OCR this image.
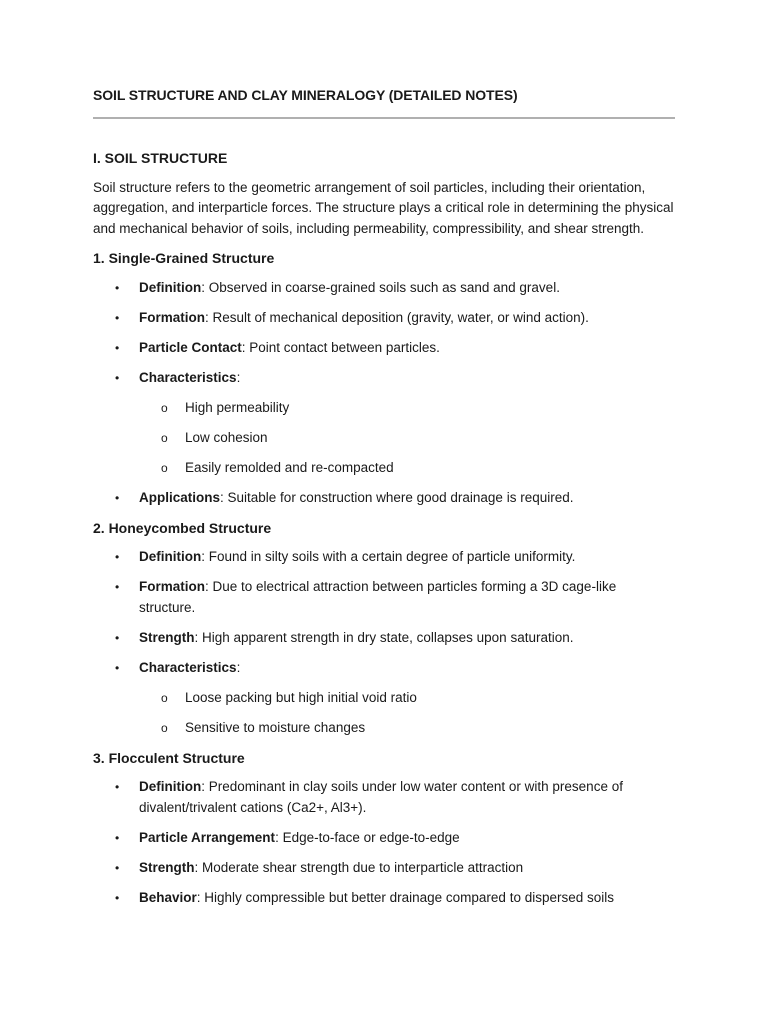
SOIL STRUCTURE AND CLAY MINERALOGY (DETAILED NOTES)
I. SOIL STRUCTURE
Soil structure refers to the geometric arrangement of soil particles, including their orientation, aggregation, and interparticle forces. The structure plays a critical role in determining the physical and mechanical behavior of soils, including permeability, compressibility, and shear strength.
1. Single-Grained Structure
• Definition: Observed in coarse-grained soils such as sand and gravel.
• Formation: Result of mechanical deposition (gravity, water, or wind action).
• Particle Contact: Point contact between particles.
• Characteristics:
o High permeability
o Low cohesion
o Easily remolded and re-compacted
• Applications: Suitable for construction where good drainage is required.
2. Honeycombed Structure
• Definition: Found in silty soils with a certain degree of particle uniformity.
• Formation: Due to electrical attraction between particles forming a 3D cage-like structure.
• Strength: High apparent strength in dry state, collapses upon saturation.
• Characteristics:
o Loose packing but high initial void ratio
o Sensitive to moisture changes
3. Flocculent Structure
• Definition: Predominant in clay soils under low water content or with presence of divalent/trivalent cations (Ca2+, Al3+).
• Particle Arrangement: Edge-to-face or edge-to-edge
• Strength: Moderate shear strength due to interparticle attraction
• Behavior: Highly compressible but better drainage compared to dispersed soils
